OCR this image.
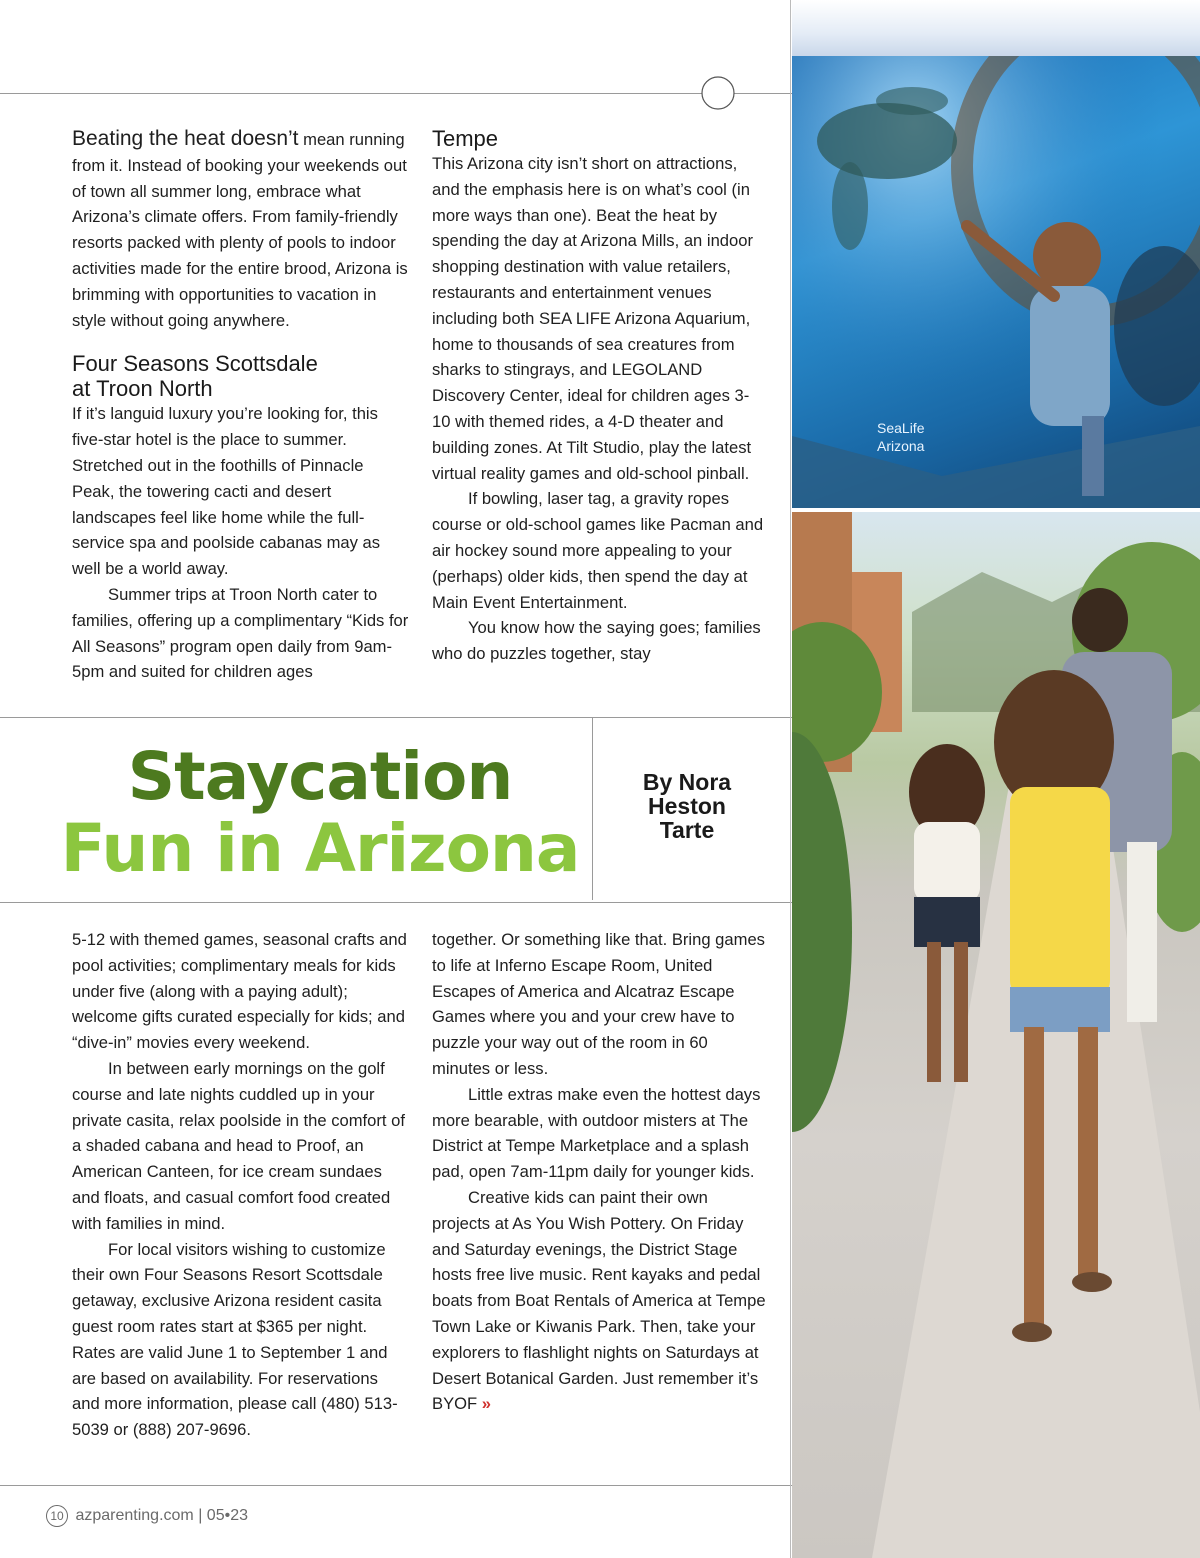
Beating the heat doesn’t mean running from it. Instead of booking your weekends out of town all summer long, embrace what Arizona’s climate offers. From family-friendly resorts packed with plenty of pools to indoor activities made for the entire brood, Arizona is brimming with opportunities to vacation in style without going anywhere.

Four Seasons Scottsdale
at Troon North

If it’s languid luxury you’re looking for, this five-star hotel is the place to summer. Stretched out in the foothills of Pinnacle Peak, the towering cacti and desert landscapes feel like home while the full-service spa and poolside cabanas may as well be a world away.

Summer trips at Troon North cater to families, offering up a complimentary “Kids for All Seasons” program open daily from 9am-5pm and suited for children ages

Tempe

This Arizona city isn’t short on attractions, and the emphasis here is on what’s cool (in more ways than one). Beat the heat by spending the day at Arizona Mills, an indoor shopping destination with value retailers, restaurants and entertainment venues including both SEA LIFE Arizona Aquarium, home to thousands of sea creatures from sharks to stingrays, and LEGOLAND Discovery Center, ideal for children ages 3-10 with themed rides, a 4-D theater and building zones. At Tilt Studio, play the latest virtual reality games and old-school pinball.

If bowling, laser tag, a gravity ropes course or old-school games like Pacman and air hockey sound more appealing to your (perhaps) older kids, then spend the day at Main Event Entertainment.

You know how the saying goes; families who do puzzles together, stay

Staycation
Fun in Arizona
By Nora
Heston
Tarte

5-12 with themed games, seasonal crafts and pool activities; complimentary meals for kids under five (along with a paying adult); welcome gifts curated especially for kids; and “dive-in” movies every weekend.

In between early mornings on the golf course and late nights cuddled up in your private casita, relax poolside in the comfort of a shaded cabana and head to Proof, an American Canteen, for ice cream sundaes and floats, and casual comfort food created with families in mind.

For local visitors wishing to customize their own Four Seasons Resort Scottsdale getaway, exclusive Arizona resident casita guest room rates start at $365 per night. Rates are valid June 1 to September 1 and are based on availability. For reservations and more information, please call (480) 513-5039 or (888) 207-9696.

together. Or something like that. Bring games to life at Inferno Escape Room, United Escapes of America and Alcatraz Escape Games where you and your crew have to puzzle your way out of the room in 60 minutes or less.

Little extras make even the hottest days more bearable, with outdoor misters at The District at Tempe Marketplace and a splash pad, open 7am-11pm daily for younger kids.

Creative kids can paint their own projects at As You Wish Pottery. On Friday and Saturday evenings, the District Stage hosts free live music. Rent kayaks and pedal boats from Boat Rentals of America at Tempe Town Lake or Kiwanis Park. Then, take your explorers to flashlight nights on Saturdays at Desert Botanical Garden. Just remember it’s BYOF »

SeaLife
Arizona
10 azparenting.com | 05•23
